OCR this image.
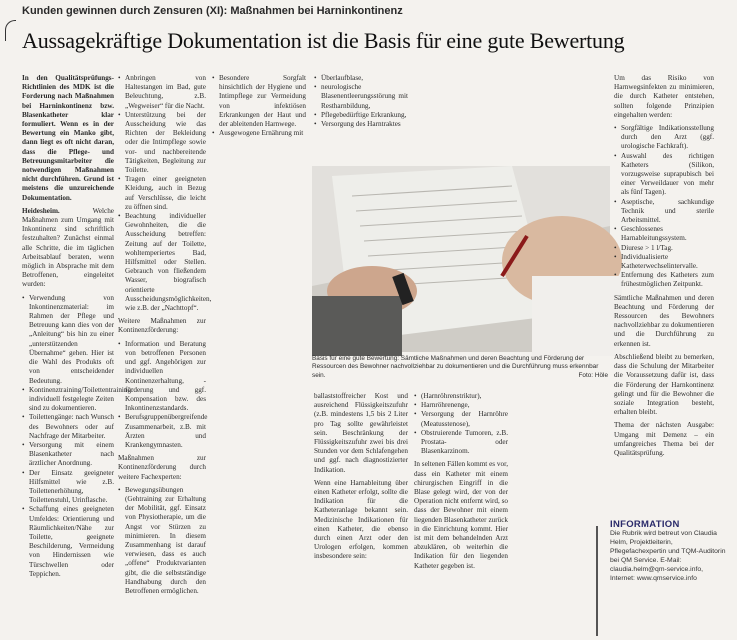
Kunden gewinnen durch Zensuren (XI): Maßnahmen bei Harninkontinenz
Aussagekräftige Dokumentation ist die Basis für eine gute Bewertung

In den Qualitätsprüfungs-Richtlinien des MDK ist die Forderung nach Maßnahmen bei Harninkontinenz bzw. Blasenkatheter klar formuliert. Wenn es in der Bewertung ein Manko gibt, dann liegt es oft nicht daran, dass die Pflege- und Betreuungsmitarbeiter die notwendigen Maßnahmen nicht durchführen. Grund ist meistens die unzureichende Dokumentation.

Heidesheim.	Welche Maßnahmen zum Umgang mit Inkontinenz sind schriftlich festzuhalten? Zunächst einmal alle Schritte, die im täglichen Arbeitsablauf beraten, wenn möglich in Absprache mit dem Betroffenen, eingeleitet wurden:

• Verwendung von Inkontinenzmaterial: im Rahmen der Pflege und Betreuung kann dies von der „Anleitung“ bis hin zu einer „unterstützenden Übernahme“ gehen. Hier ist die Wahl des Produkts oft von entscheidender Bedeutung.
• Kontinenztraining/Toilettentraining: individuell festgelegte Zeiten sind zu dokumentieren.
• Toilettengänge: nach Wunsch des Bewohners oder auf Nachfrage der Mitarbeiter.
• Versorgung mit einem Blasenkatheter nach ärztlicher Anordnung.
• Der Einsatz geeigneter Hilfsmittel wie z.B. Toilettenerhöhung, Toilettenstuhl, Urinflasche.
• Schaffung eines geeigneten Umfeldes: Orientierung und Räumlichkeiten/Nähe zur Toilette, geeignete Beschilderung, Vermeidung von Hindernissen wie Türschwellen oder Teppichen.
• Anbringen von Haltestangen im Bad, gute Beleuchtung, z.B. „Wegweiser“ für die Nacht.
• Unterstützung bei der Ausscheidung wie das Richten der Bekleidung oder die Intimpflege sowie vor- und nachbereitende Tätigkeiten, Begleitung zur Toilette.
• Tragen einer geeigneten Kleidung, auch in Bezug auf Verschlüsse, die leicht zu öffnen sind.
• Beachtung individueller Gewohnheiten, die die Ausscheidung betreffen: Zeitung auf der Toilette, wohltemperiertes Bad, Hilfsmittel oder Stellen. Gebrauch von fließendem Wasser, biografisch orientierte Ausscheidungsmöglichkeiten, wie z.B. der „Nachttopf“.

Weitere Maßnahmen zur Kontinenzförderung:

• Information und Beratung von betroffenen Personen und ggf. Angehörigen zur individuellen Kontinenzerhaltung, -förderung und ggf. Kompensation bzw. des Inkontinenzstandards.
• Berufsgruppenübergreifende Zusammenarbeit, z.B. mit Ärzten und Krankengymnasten.

Maßnahmen zur Kontinenzförderung durch weitere Fachexperten:

• Bewegungsübungen (Gehtraining zur Erhaltung der Mobilität, ggf. Einsatz von Physiotherapie, um die Angst vor Stürzen zu minimieren. In diesem Zusammenhang ist darauf verwiesen, dass es auch „offene“ Produktvarianten gibt, die die selbstständige Handhabung durch den Betroffenen ermöglichen.
• Besondere Sorgfalt hinsichtlich der Hygiene und Intimpflege zur Vermeidung von infektiösen Erkrankungen der Haut und der ableitenden Harnwege.
• Ausgewogene Ernährung mit
• Überlaufblase,
• neurologische Blasenentleerungsstörung mit Restharnbildung,
• Pflegebedürftige Erkrankung,
• Versorgung des Harntraktes
Basis für eine gute Bewertung: Sämtliche Maßnahmen und deren Beachtung und Förderung der Ressourcen des Bewohner nachvollziehbar zu dokumentieren und die Durchführung muss erkennbar sein.	Foto: Höle

ballaststoffreicher Kost und ausreichend Flüssigkeitszufuhr (z.B. mindestens 1,5 bis 2 Liter pro Tag sollte gewährleistet sein. Beschränkung der Flüssigkeitszufuhr zwei bis drei Stunden vor dem Schlafengehen und ggf. nach diagnostizierter Indikation.

Wenn eine Harnableitung über einen Katheter erfolgt, sollte die Indikation für die Katheteranlage bekannt sein. Medizinische Indikationen für einen Katheter, die ebenso durch einen Arzt oder den Urologen erfolgen, kommen insbesondere sein:

• (Harnröhrenstriktur),
• Harnröhrenenge,
• Versorgung der Harnröhre (Meatusstenose),
• Obstruierende Tumoren, z.B. Prostata- oder Blasenkarzinom.

In seltenen Fällen kommt es vor, dass ein Katheter mit einem chirurgischen Eingriff in die Blase gelegt wird, der von der Operation nicht entfernt wird, so dass der Bewohner mit einem liegenden Blasenkatheter zurück in die Einrichtung kommt. Hier ist mit dem behandelnden Arzt abzuklären, ob weiterhin die Indikation für den liegenden Katheter gegeben ist.

Um das Risiko von Harnwegsinfekten zu minimieren, die durch Katheter entstehen, sollten folgende Prinzipien eingehalten werden:

• Sorgfältige Indikationsstellung durch den Arzt (ggf. urologische Fachkraft).
• Auswahl des richtigen Katheters (Silikon, vorzugsweise suprapubisch bei einer Verweildauer von mehr als fünf Tagen).
• Aseptische, sachkundige Technik und sterile Arbeitsmittel.
• Geschlossenes Harnableitungssystem.
• Diurese > 1 l/Tag.
• Individualisierte Katheterwechselintervalle.
• Entfernung des Katheters zum frühestmöglichen Zeitpunkt.

Sämtliche Maßnahmen und deren Beachtung und Förderung der Ressourcen des Bewohners nachvollziehbar zu dokumentieren und die Durchführung zu erkennen ist.

Abschließend bleibt zu bemerken, dass die Schulung der Mitarbeiter die Voraussetzung dafür ist, dass die Förderung der Harnkontinenz gelingt und für die Bewohner die soziale Integration besteht, erhalten bleibt.

Thema der nächsten Ausgabe: Umgang mit Demenz – ein umfangreiches Thema bei der Qualitätsprüfung.

INFORMATION

Die Rubrik wird betreut von Claudia Helm, Projektleiterin, Pflegefachexpertin und TQM-Auditorin bei QM Service. E-Mail: claudia.helm@qm-service.info, Internet: www.qmservice.info
